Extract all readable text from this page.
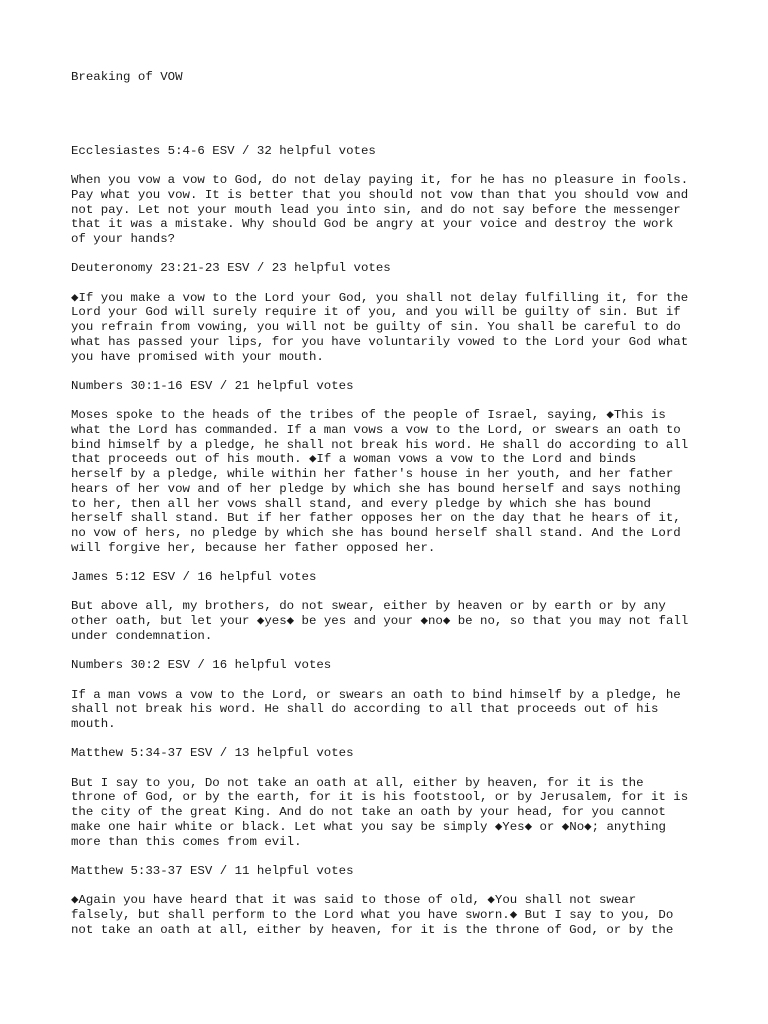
Breaking of VOW

Ecclesiastes 5:4-6 ESV / 32 helpful votes

When you vow a vow to God, do not delay paying it, for he has no pleasure in fools.
Pay what you vow. It is better that you should not vow than that you should vow and
not pay. Let not your mouth lead you into sin, and do not say before the messenger
that it was a mistake. Why should God be angry at your voice and destroy the work
of your hands?

Deuteronomy 23:21-23 ESV / 23 helpful votes

◆If you make a vow to the Lord your God, you shall not delay fulfilling it, for the
Lord your God will surely require it of you, and you will be guilty of sin. But if
you refrain from vowing, you will not be guilty of sin. You shall be careful to do
what has passed your lips, for you have voluntarily vowed to the Lord your God what
you have promised with your mouth.

Numbers 30:1-16 ESV / 21 helpful votes

Moses spoke to the heads of the tribes of the people of Israel, saying, ◆This is
what the Lord has commanded. If a man vows a vow to the Lord, or swears an oath to
bind himself by a pledge, he shall not break his word. He shall do according to all
that proceeds out of his mouth. ◆If a woman vows a vow to the Lord and binds
herself by a pledge, while within her father's house in her youth, and her father
hears of her vow and of her pledge by which she has bound herself and says nothing
to her, then all her vows shall stand, and every pledge by which she has bound
herself shall stand. But if her father opposes her on the day that he hears of it,
no vow of hers, no pledge by which she has bound herself shall stand. And the Lord
will forgive her, because her father opposed her.

James 5:12 ESV / 16 helpful votes

But above all, my brothers, do not swear, either by heaven or by earth or by any
other oath, but let your ◆yes◆ be yes and your ◆no◆ be no, so that you may not fall
under condemnation.

Numbers 30:2 ESV / 16 helpful votes

If a man vows a vow to the Lord, or swears an oath to bind himself by a pledge, he
shall not break his word. He shall do according to all that proceeds out of his
mouth.

Matthew 5:34-37 ESV / 13 helpful votes

But I say to you, Do not take an oath at all, either by heaven, for it is the
throne of God, or by the earth, for it is his footstool, or by Jerusalem, for it is
the city of the great King. And do not take an oath by your head, for you cannot
make one hair white or black. Let what you say be simply ◆Yes◆ or ◆No◆; anything
more than this comes from evil.

Matthew 5:33-37 ESV / 11 helpful votes

◆Again you have heard that it was said to those of old, ◆You shall not swear
falsely, but shall perform to the Lord what you have sworn.◆ But I say to you, Do
not take an oath at all, either by heaven, for it is the throne of God, or by the
